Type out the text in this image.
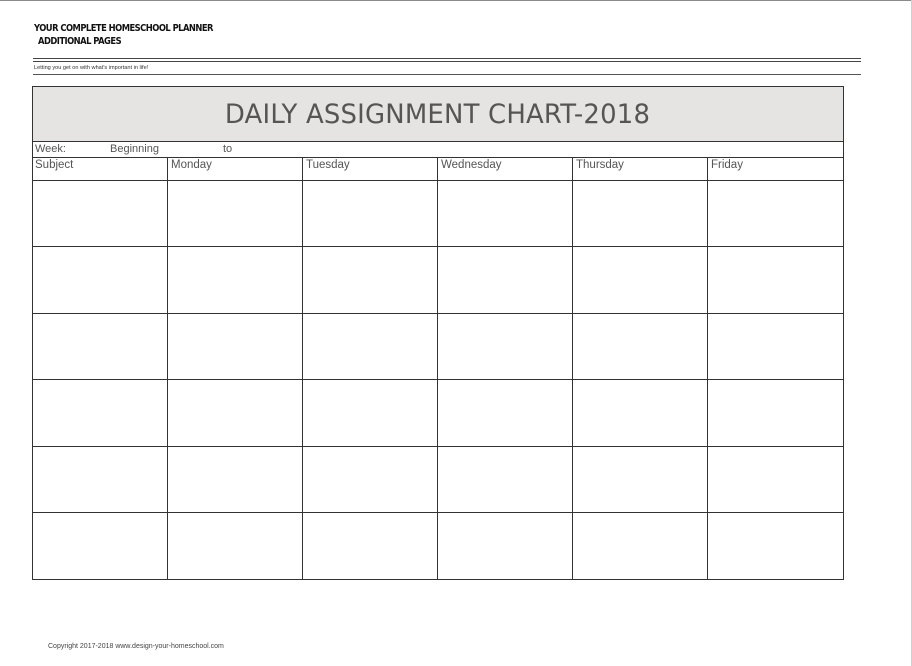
YOUR COMPLETE HOMESCHOOL PLANNER
ADDITIONAL PAGES
Letting you get on with what's important in life!
DAILY ASSIGNMENT CHART-2018
Week:	Beginning	to
Subject	Monday	Tuesday	Wednesday	Thursday	Friday
Copyright 2017-2018 www.design-your-homeschool.com
